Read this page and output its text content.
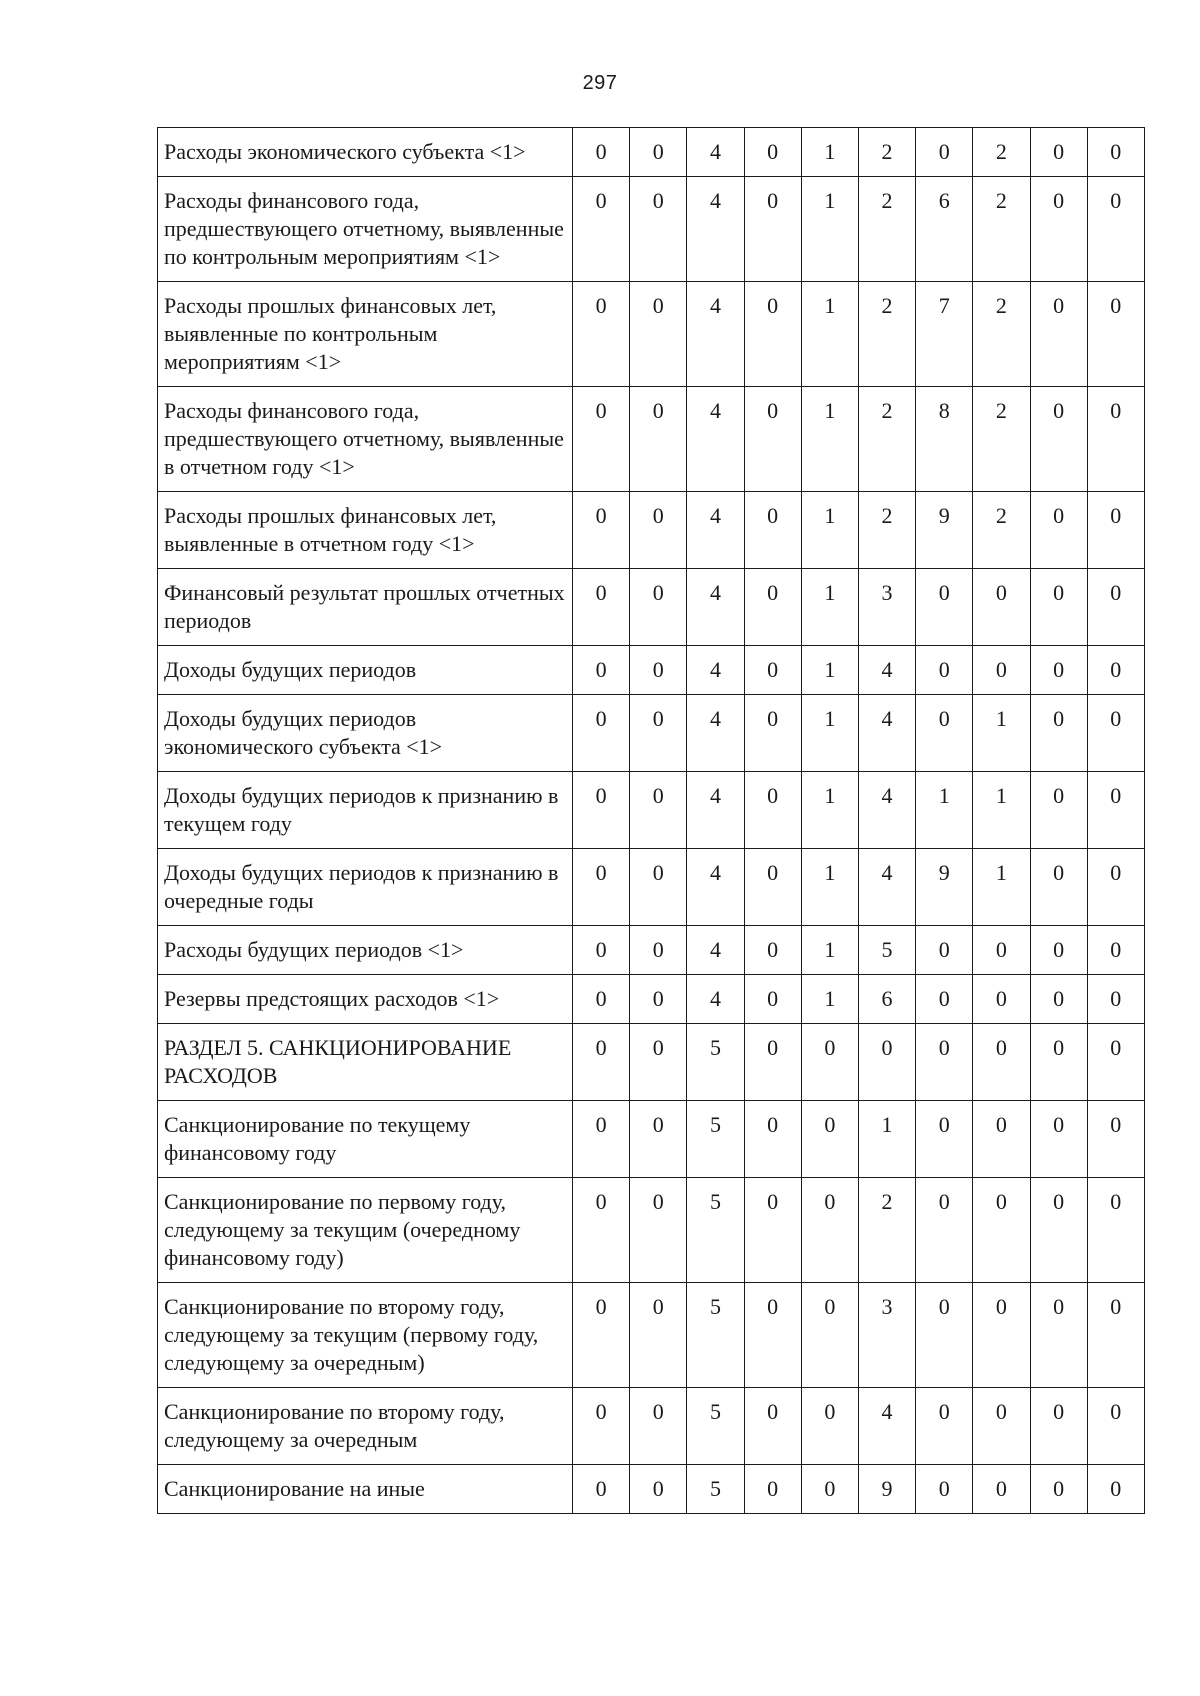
297
Расходы экономического субъекта <1>	0	0	4	0	1	2	0	2	0	0
Расходы финансового года, предшествующего отчетному, выявленные по контрольным мероприятиям <1>	0	0	4	0	1	2	6	2	0	0
Расходы прошлых финансовых лет, выявленные по контрольным мероприятиям <1>	0	0	4	0	1	2	7	2	0	0
Расходы финансового года, предшествующего отчетному, выявленные в отчетном году <1>	0	0	4	0	1	2	8	2	0	0
Расходы прошлых финансовых лет, выявленные в отчетном году <1>	0	0	4	0	1	2	9	2	0	0
Финансовый результат прошлых отчетных периодов	0	0	4	0	1	3	0	0	0	0
Доходы будущих периодов	0	0	4	0	1	4	0	0	0	0
Доходы будущих периодов экономического субъекта <1>	0	0	4	0	1	4	0	1	0	0
Доходы будущих периодов к признанию в текущем году	0	0	4	0	1	4	1	1	0	0
Доходы будущих периодов к признанию в очередные годы	0	0	4	0	1	4	9	1	0	0
Расходы будущих периодов <1>	0	0	4	0	1	5	0	0	0	0
Резервы предстоящих расходов <1>	0	0	4	0	1	6	0	0	0	0
РАЗДЕЛ 5. САНКЦИОНИРОВАНИЕ РАСХОДОВ	0	0	5	0	0	0	0	0	0	0
Санкционирование по текущему финансовому году	0	0	5	0	0	1	0	0	0	0
Санкционирование по первому году, следующему за текущим (очередному финансовому году)	0	0	5	0	0	2	0	0	0	0
Санкционирование по второму году, следующему за текущим (первому году, следующему за очередным)	0	0	5	0	0	3	0	0	0	0
Санкционирование по второму году, следующему за очередным	0	0	5	0	0	4	0	0	0	0
Санкционирование на иные	0	0	5	0	0	9	0	0	0	0
